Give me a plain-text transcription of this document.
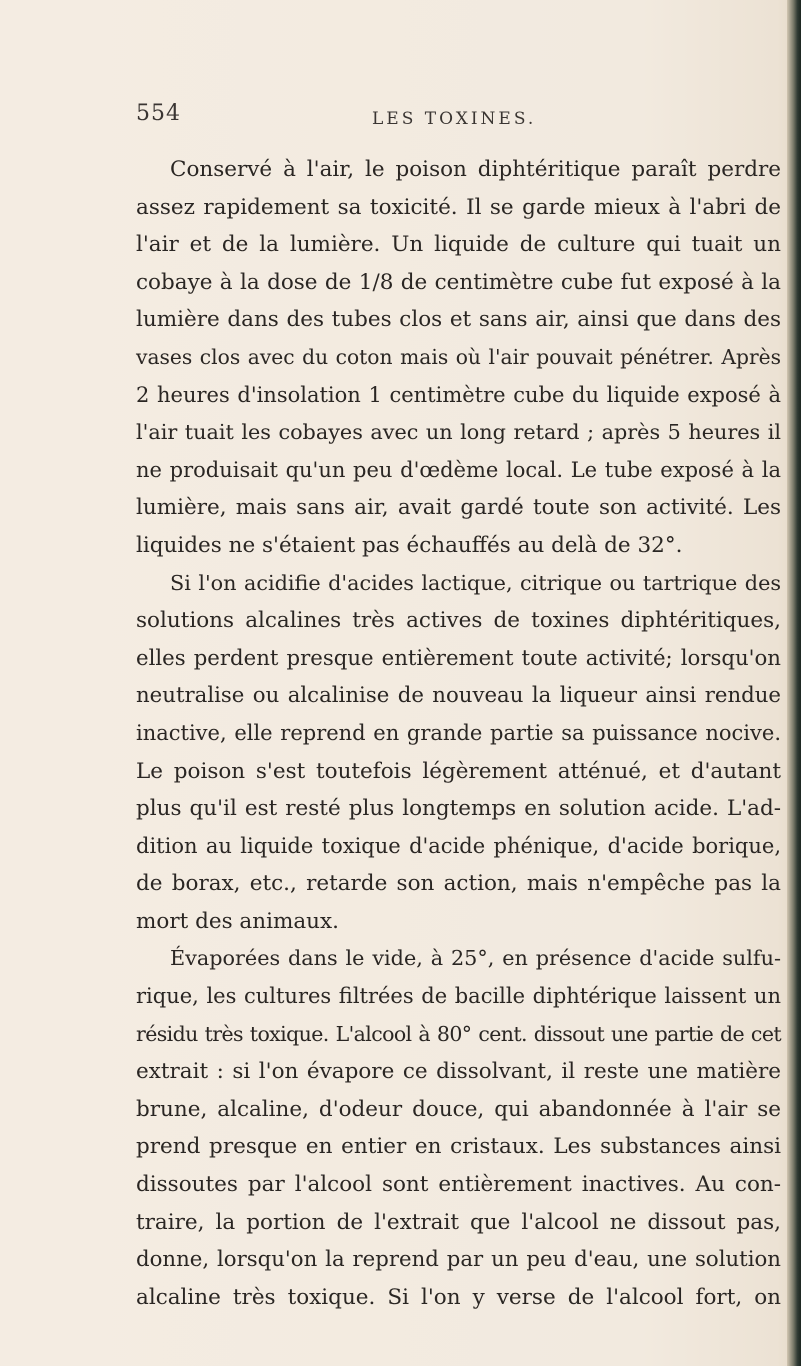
554	LES TOXINES.
Conservé à l'air, le poison diphtéritique paraît perdre
assez rapidement sa toxicité. Il se garde mieux à l'abri de
l'air et de la lumière. Un liquide de culture qui tuait un
cobaye à la dose de 1/8 de centimètre cube fut exposé à la
lumière dans des tubes clos et sans air, ainsi que dans des
vases clos avec du coton mais où l'air pouvait pénétrer. Après
2 heures d'insolation 1 centimètre cube du liquide exposé à
l'air tuait les cobayes avec un long retard ; après 5 heures il
ne produisait qu'un peu d'œdème local. Le tube exposé à la
lumière, mais sans air, avait gardé toute son activité. Les
liquides ne s'étaient pas échauffés au delà de 32°.
Si l'on acidifie d'acides lactique, citrique ou tartrique des
solutions alcalines très actives de toxines diphtéritiques,
elles perdent presque entièrement toute activité; lorsqu'on
neutralise ou alcalinise de nouveau la liqueur ainsi rendue
inactive, elle reprend en grande partie sa puissance nocive.
Le poison s'est toutefois légèrement atténué, et d'autant
plus qu'il est resté plus longtemps en solution acide. L'ad-
dition au liquide toxique d'acide phénique, d'acide borique,
de borax, etc., retarde son action, mais n'empêche pas la
mort des animaux.
Évaporées dans le vide, à 25°, en présence d'acide sulfu-
rique, les cultures filtrées de bacille diphtérique laissent un
résidu très toxique. L'alcool à 80° cent. dissout une partie de cet
extrait : si l'on évapore ce dissolvant, il reste une matière
brune, alcaline, d'odeur douce, qui abandonnée à l'air se
prend presque en entier en cristaux. Les substances ainsi
dissoutes par l'alcool sont entièrement inactives. Au con-
traire, la portion de l'extrait que l'alcool ne dissout pas,
donne, lorsqu'on la reprend par un peu d'eau, une solution
alcaline très toxique. Si l'on y verse de l'alcool fort, on
